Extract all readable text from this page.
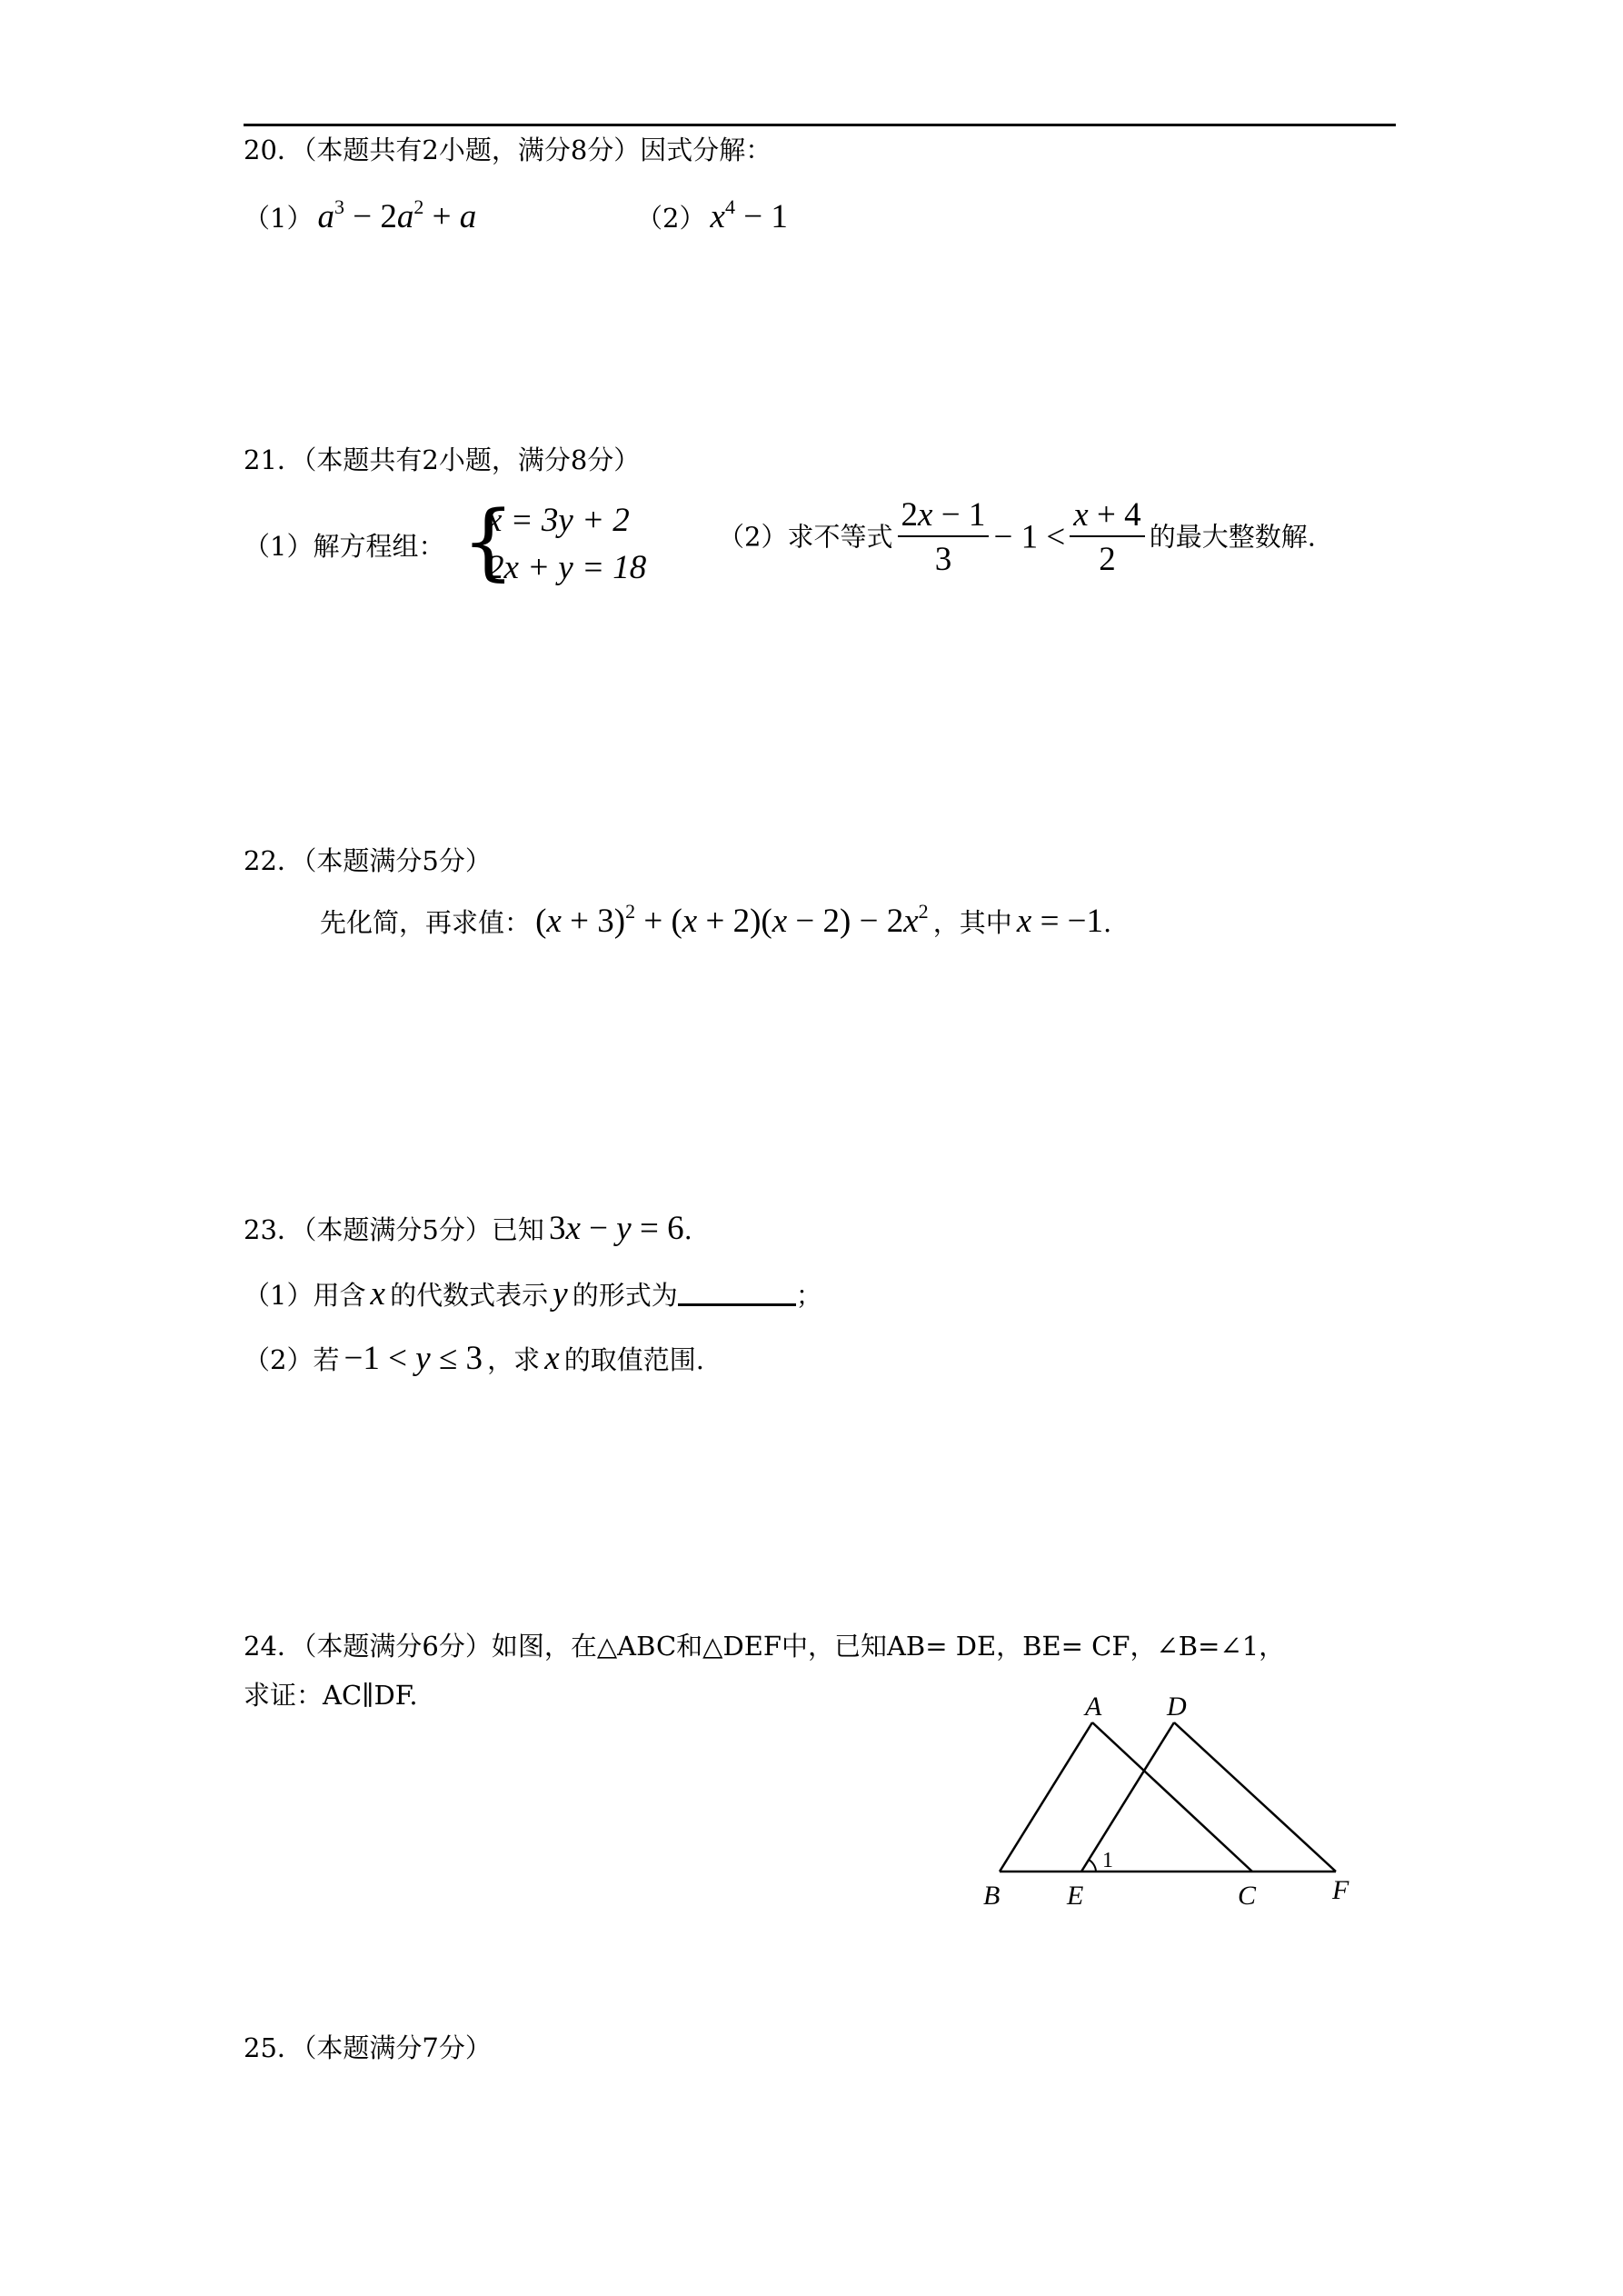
20．（本题共有2小题，满分8分）因式分解：
（1） $a^3 - 2a^2 + a$	（2） $x^4 - 1$
21．（本题共有2小题，满分8分）
（1）解方程组： {
x = 3y + 2
2x + y = 18
（2）求不等式 $\frac{2x - 1}{3} - 1 < \frac{x + 4}{2}$ 的最大整数解.
22．（本题满分5分）
先化简，再求值： $(x + 3)^2 + (x + 2)(x - 2) - 2x^2$ ，其中 x = −1.
23．（本题满分5分）已知 3x − y = 6.
（1）用含 x 的代数式表示 y 的形式为	；
（2）若 −1 < y ≤ 3 ，求 x 的取值范围.
24．（本题满分6分）如图，在△ABC和△DEF中，已知AB= DE，BE= CF，∠B=∠1，
求证：AC∥DF.	A D
B E	C	F
1
25．（本题满分7分）
